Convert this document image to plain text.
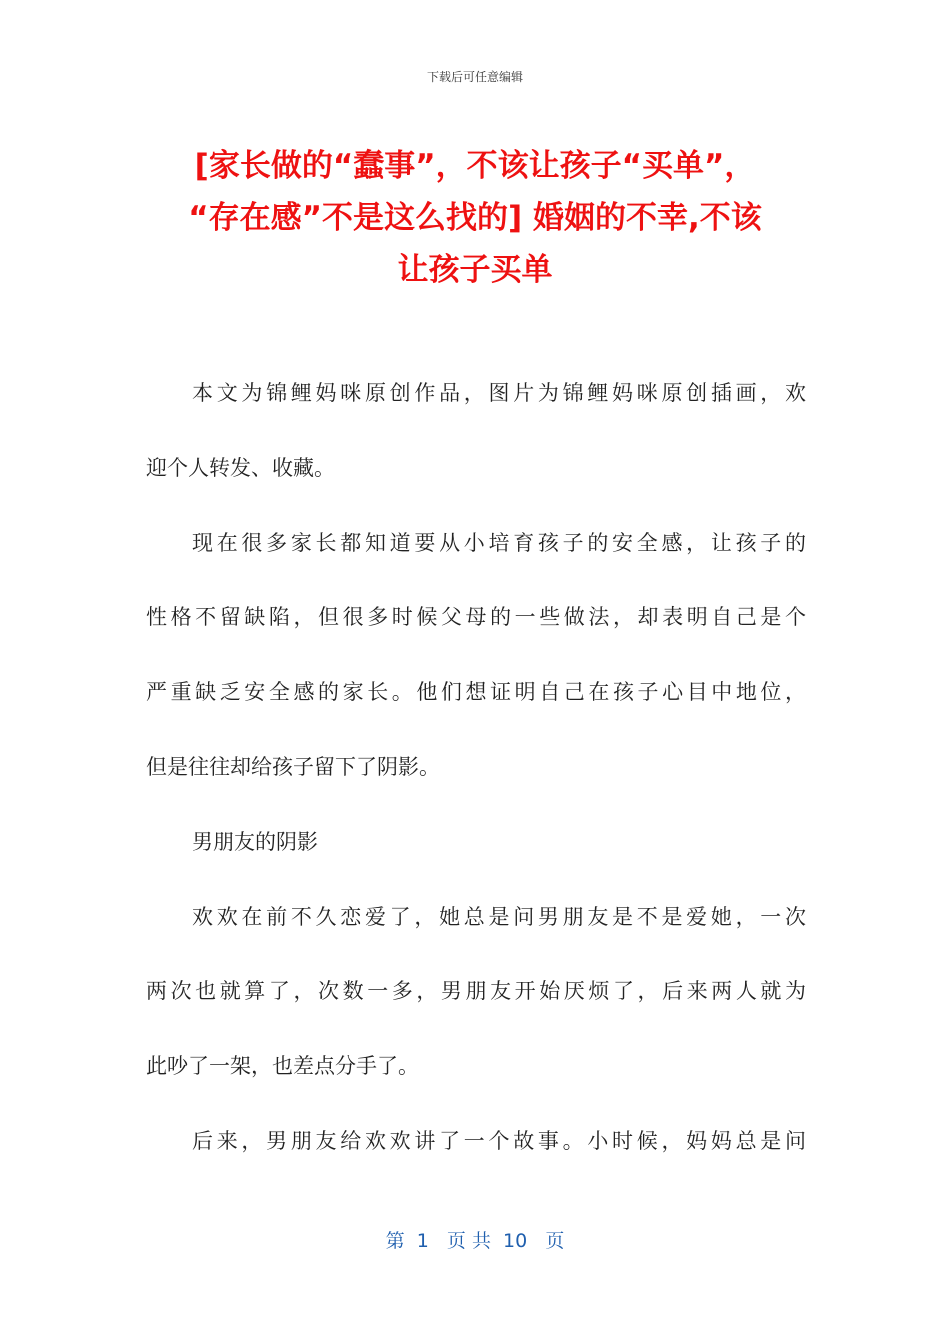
下载后可任意编辑
[家长做的“蠢事”，不该让孩子“买单”，
“存在感”不是这么找的] 婚姻的不幸,不该
让孩子买单
本文为锦鲤妈咪原创作品，图片为锦鲤妈咪原创插画，欢
迎个人转发、收藏。
现在很多家长都知道要从小培育孩子的安全感，让孩子的
性格不留缺陷，但很多时候父母的一些做法，却表明自己是个
严重缺乏安全感的家长。他们想证明自己在孩子心目中地位，
但是往往却给孩子留下了阴影。
男朋友的阴影
欢欢在前不久恋爱了，她总是问男朋友是不是爱她，一次
两次也就算了，次数一多，男朋友开始厌烦了，后来两人就为
此吵了一架，也差点分手了。
后来，男朋友给欢欢讲了一个故事。小时候，妈妈总是问
第  1   页 共  10   页
